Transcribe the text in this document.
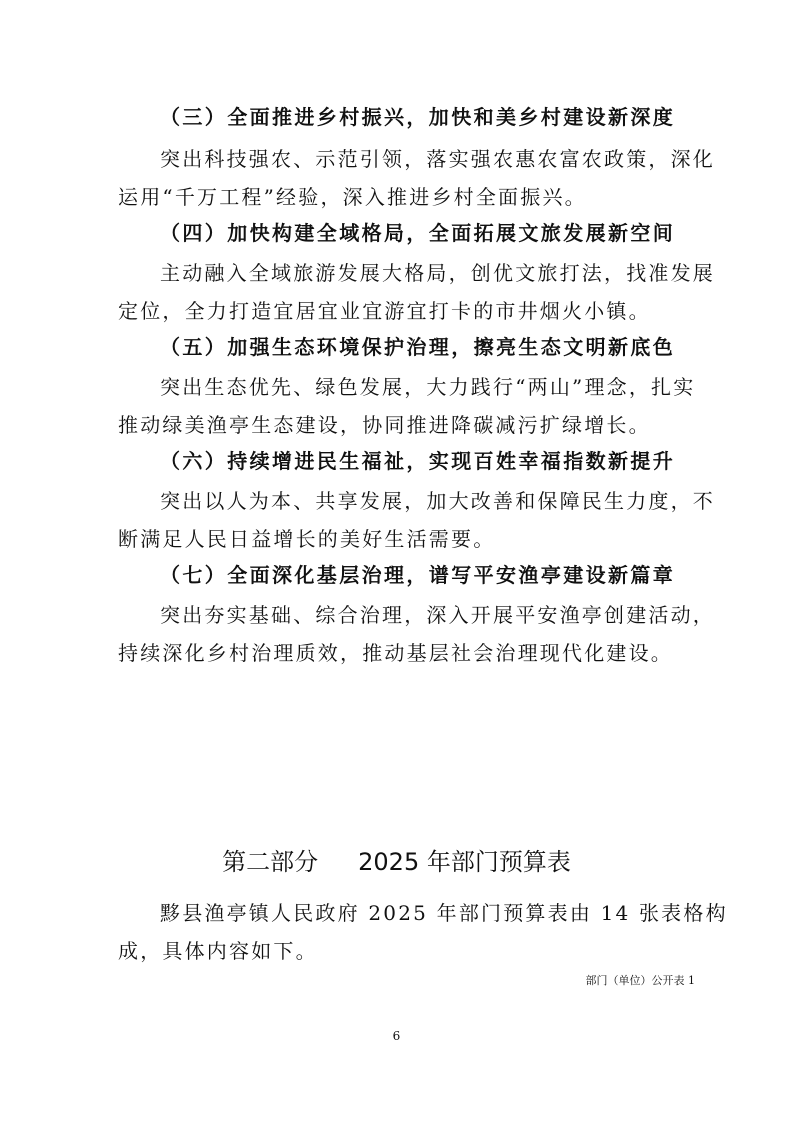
（三）全面推进乡村振兴，加快和美乡村建设新深度
突出科技强农、示范引领，落实强农惠农富农政策，深化
运用“千万工程”经验，深入推进乡村全面振兴。
（四）加快构建全域格局，全面拓展文旅发展新空间
主动融入全域旅游发展大格局，创优文旅打法，找准发展
定位，全力打造宜居宜业宜游宜打卡的市井烟火小镇。
（五）加强生态环境保护治理，擦亮生态文明新底色
突出生态优先、绿色发展，大力践行“两山”理念，扎实
推动绿美渔亭生态建设，协同推进降碳减污扩绿增长。
（六）持续增进民生福祉，实现百姓幸福指数新提升
突出以人为本、共享发展，加大改善和保障民生力度，不
断满足人民日益增长的美好生活需要。
（七）全面深化基层治理，谱写平安渔亭建设新篇章
突出夯实基础、综合治理，深入开展平安渔亭创建活动，
持续深化乡村治理质效，推动基层社会治理现代化建设。
第二部分 2025 年部门预算表
黟县渔亭镇人民政府 2025 年部门预算表由 14 张表格构
成，具体内容如下。
部门（单位）公开表 1
6
